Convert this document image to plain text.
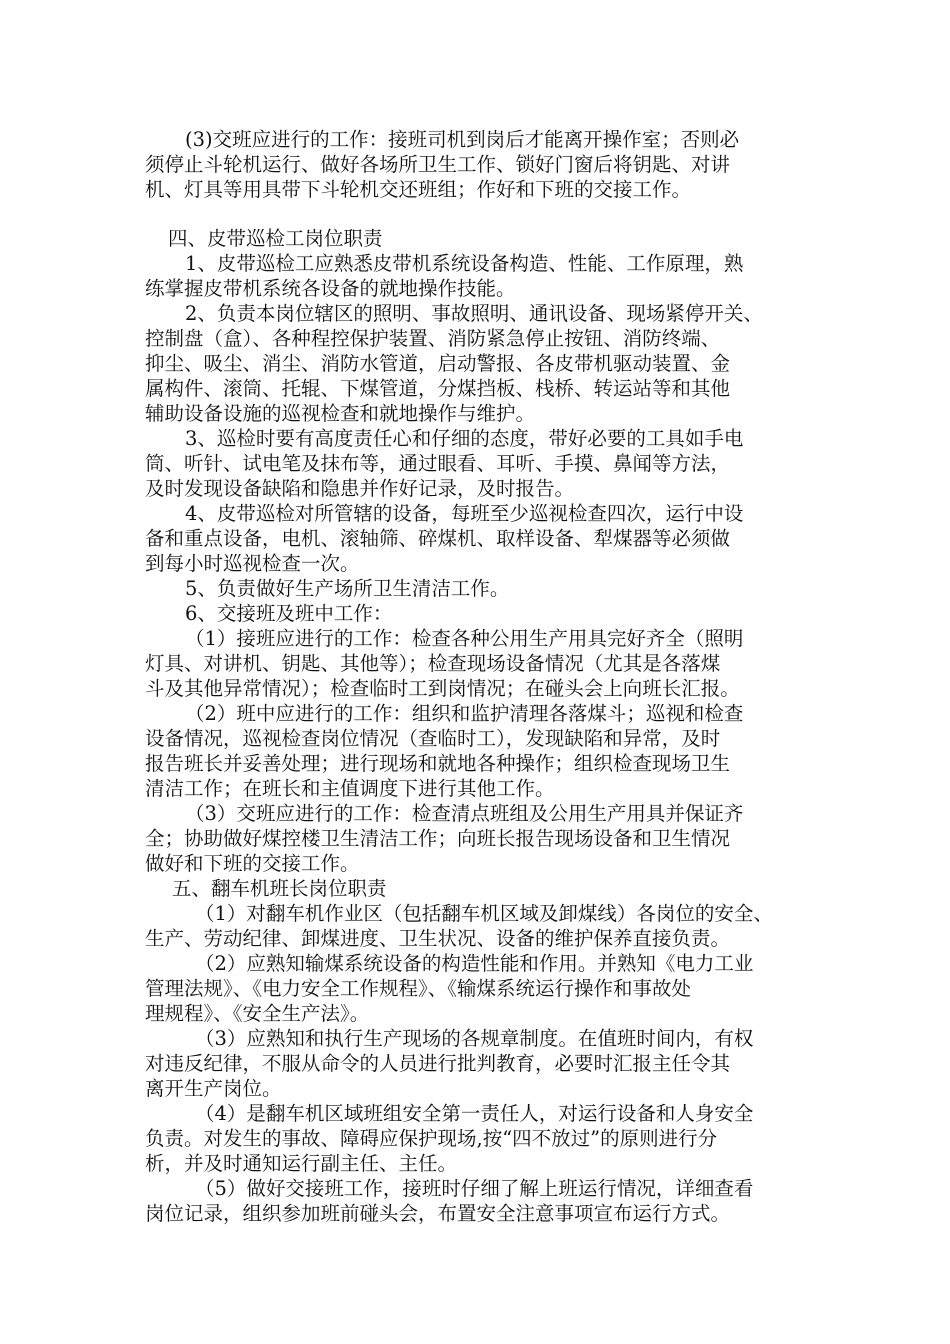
(3)交班应进行的工作：接班司机到岗后才能离开操作室；否则必
须停止斗轮机运行、做好各场所卫生工作、锁好门窗后将钥匙、对讲
机、灯具等用具带下斗轮机交还班组；作好和下班的交接工作。
四、皮带巡检工岗位职责
1、皮带巡检工应熟悉皮带机系统设备构造、性能、工作原理，熟
练掌握皮带机系统各设备的就地操作技能。
2、负责本岗位辖区的照明、事故照明、通讯设备、现场紧停开关、
控制盘（盒）、各种程控保护装置、消防紧急停止按钮、消防终端、
抑尘、吸尘、消尘、消防水管道，启动警报、各皮带机驱动装置、金
属构件、滚筒、托辊、下煤管道，分煤挡板、栈桥、转运站等和其他
辅助设备设施的巡视检查和就地操作与维护。
3、巡检时要有高度责任心和仔细的态度，带好必要的工具如手电
筒、听针、试电笔及抹布等，通过眼看、耳听、手摸、鼻闻等方法，
及时发现设备缺陷和隐患并作好记录，及时报告。
4、皮带巡检对所管辖的设备，每班至少巡视检查四次，运行中设
备和重点设备，电机、滚轴筛、碎煤机、取样设备、犁煤器等必须做
到每小时巡视检查一次。
5、负责做好生产场所卫生清洁工作。
6、交接班及班中工作：
（1）接班应进行的工作：检查各种公用生产用具完好齐全（照明
灯具、对讲机、钥匙、其他等）；检查现场设备情况（尤其是各落煤
斗及其他异常情况）；检查临时工到岗情况；在碰头会上向班长汇报。
（2）班中应进行的工作：组织和监护清理各落煤斗；巡视和检查
设备情况，巡视检查岗位情况（查临时工），发现缺陷和异常，及时
报告班长并妥善处理；进行现场和就地各种操作；组织检查现场卫生
清洁工作；在班长和主值调度下进行其他工作。
（3）交班应进行的工作：检查清点班组及公用生产用具并保证齐
全；协助做好煤控楼卫生清洁工作；向班长报告现场设备和卫生情况
做好和下班的交接工作。
五、翻车机班长岗位职责
（1）对翻车机作业区（包括翻车机区域及卸煤线）各岗位的安全、
生产、劳动纪律、卸煤进度、卫生状况、设备的维护保养直接负责。
（2）应熟知输煤系统设备的构造性能和作用。并熟知《电力工业
管理法规》、《电力安全工作规程》、《输煤系统运行操作和事故处
理规程》、《安全生产法》。
（3）应熟知和执行生产现场的各规章制度。在值班时间内，有权
对违反纪律，不服从命令的人员进行批判教育，必要时汇报主任令其
离开生产岗位。
（4）是翻车机区域班组安全第一责任人，对运行设备和人身安全
负责。对发生的事故、障碍应保护现场,按“四不放过”的原则进行分
析，并及时通知运行副主任、主任。
（5）做好交接班工作，接班时仔细了解上班运行情况，详细查看
岗位记录，组织参加班前碰头会，布置安全注意事项宣布运行方式。
